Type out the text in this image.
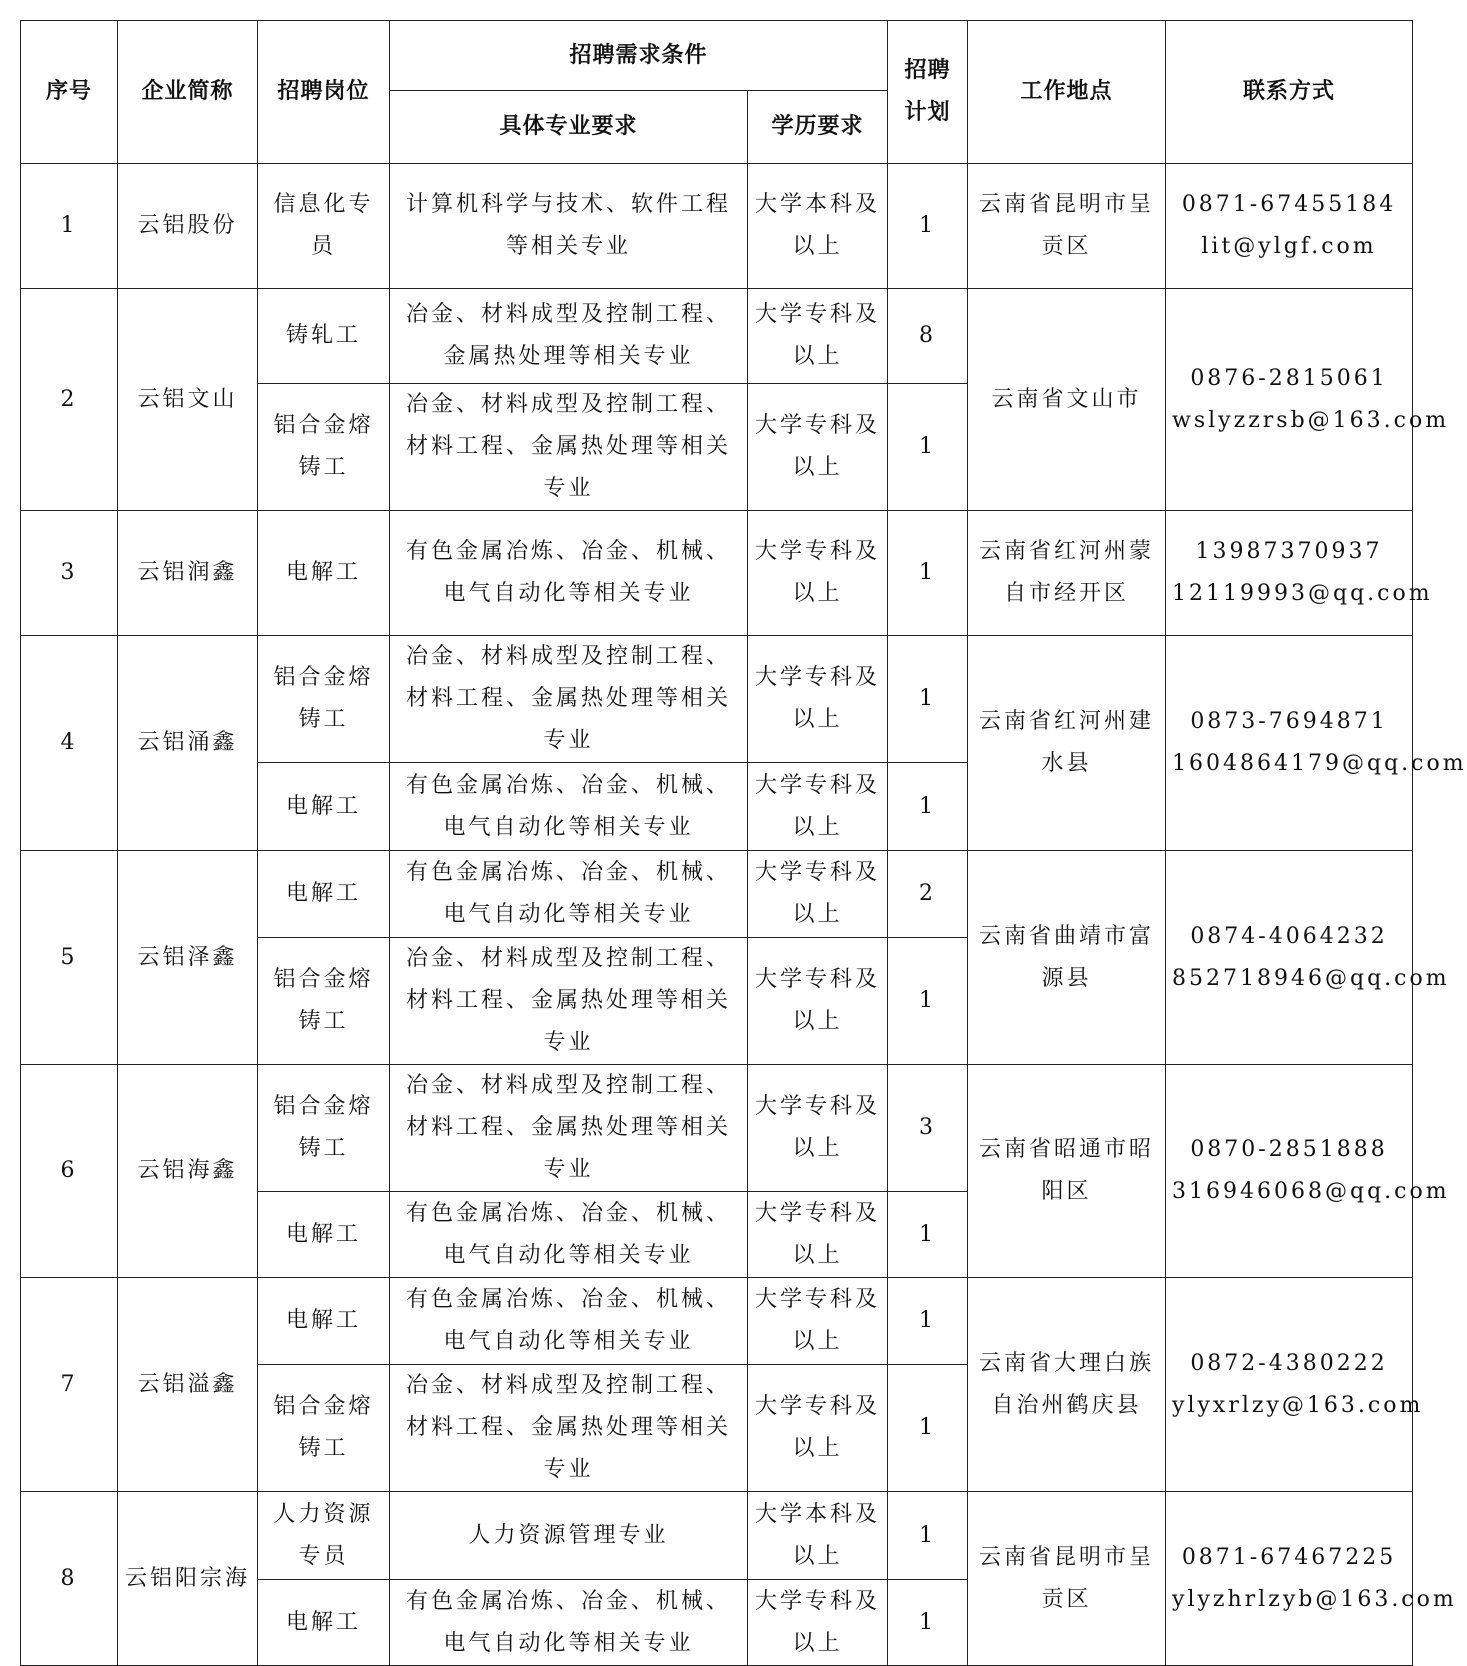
序号	企业简称	招聘岗位	招聘需求条件		招聘计划	工作地点	联系方式
			具体专业要求	学历要求			
1	云铝股份	信息化专员	计算机科学与技术、软件工程等相关专业	大学本科及以上	1	云南省昆明市呈贡区	0871-67455184
lit@ylgf.com

2	云铝文山	铸轧工	冶金、材料成型及控制工程、金属热处理等相关专业	大学专科及以上	8	云南省文山市	0876-2815061
wslyzzrsb@163.com

		铝合金熔铸工	冶金、材料成型及控制工程、材料工程、金属热处理等相关专业	大学专科及以上	1		
3	云铝润鑫	电解工	有色金属冶炼、冶金、机械、电气自动化等相关专业	大学专科及以上	1	云南省红河州蒙自市经开区	13987370937
12119993@qq.com

4	云铝涌鑫	铝合金熔铸工	冶金、材料成型及控制工程、材料工程、金属热处理等相关专业	大学专科及以上	1	云南省红河州建水县	0873-7694871
1604864179@qq.com

		电解工	有色金属冶炼、冶金、机械、电气自动化等相关专业	大学专科及以上	1		
5	云铝泽鑫	电解工	有色金属冶炼、冶金、机械、电气自动化等相关专业	大学专科及以上	2	云南省曲靖市富源县	0874-4064232
852718946@qq.com

		铝合金熔铸工	冶金、材料成型及控制工程、材料工程、金属热处理等相关专业	大学专科及以上	1		
6	云铝海鑫	铝合金熔铸工	冶金、材料成型及控制工程、材料工程、金属热处理等相关专业	大学专科及以上	3	云南省昭通市昭阳区	0870-2851888
316946068@qq.com

		电解工	有色金属冶炼、冶金、机械、电气自动化等相关专业	大学专科及以上	1		
7	云铝溢鑫	电解工	有色金属冶炼、冶金、机械、电气自动化等相关专业	大学专科及以上	1	云南省大理白族自治州鹤庆县	0872-4380222
ylyxrlzy@163.com

		铝合金熔铸工	冶金、材料成型及控制工程、材料工程、金属热处理等相关专业	大学专科及以上	1		
8	云铝阳宗海	人力资源专员	人力资源管理专业	大学本科及以上	1	云南省昆明市呈贡区	0871-67467225
ylyzhrlzyb@163.com

		电解工	有色金属冶炼、冶金、机械、电气自动化等相关专业	大学专科及以上	1		
